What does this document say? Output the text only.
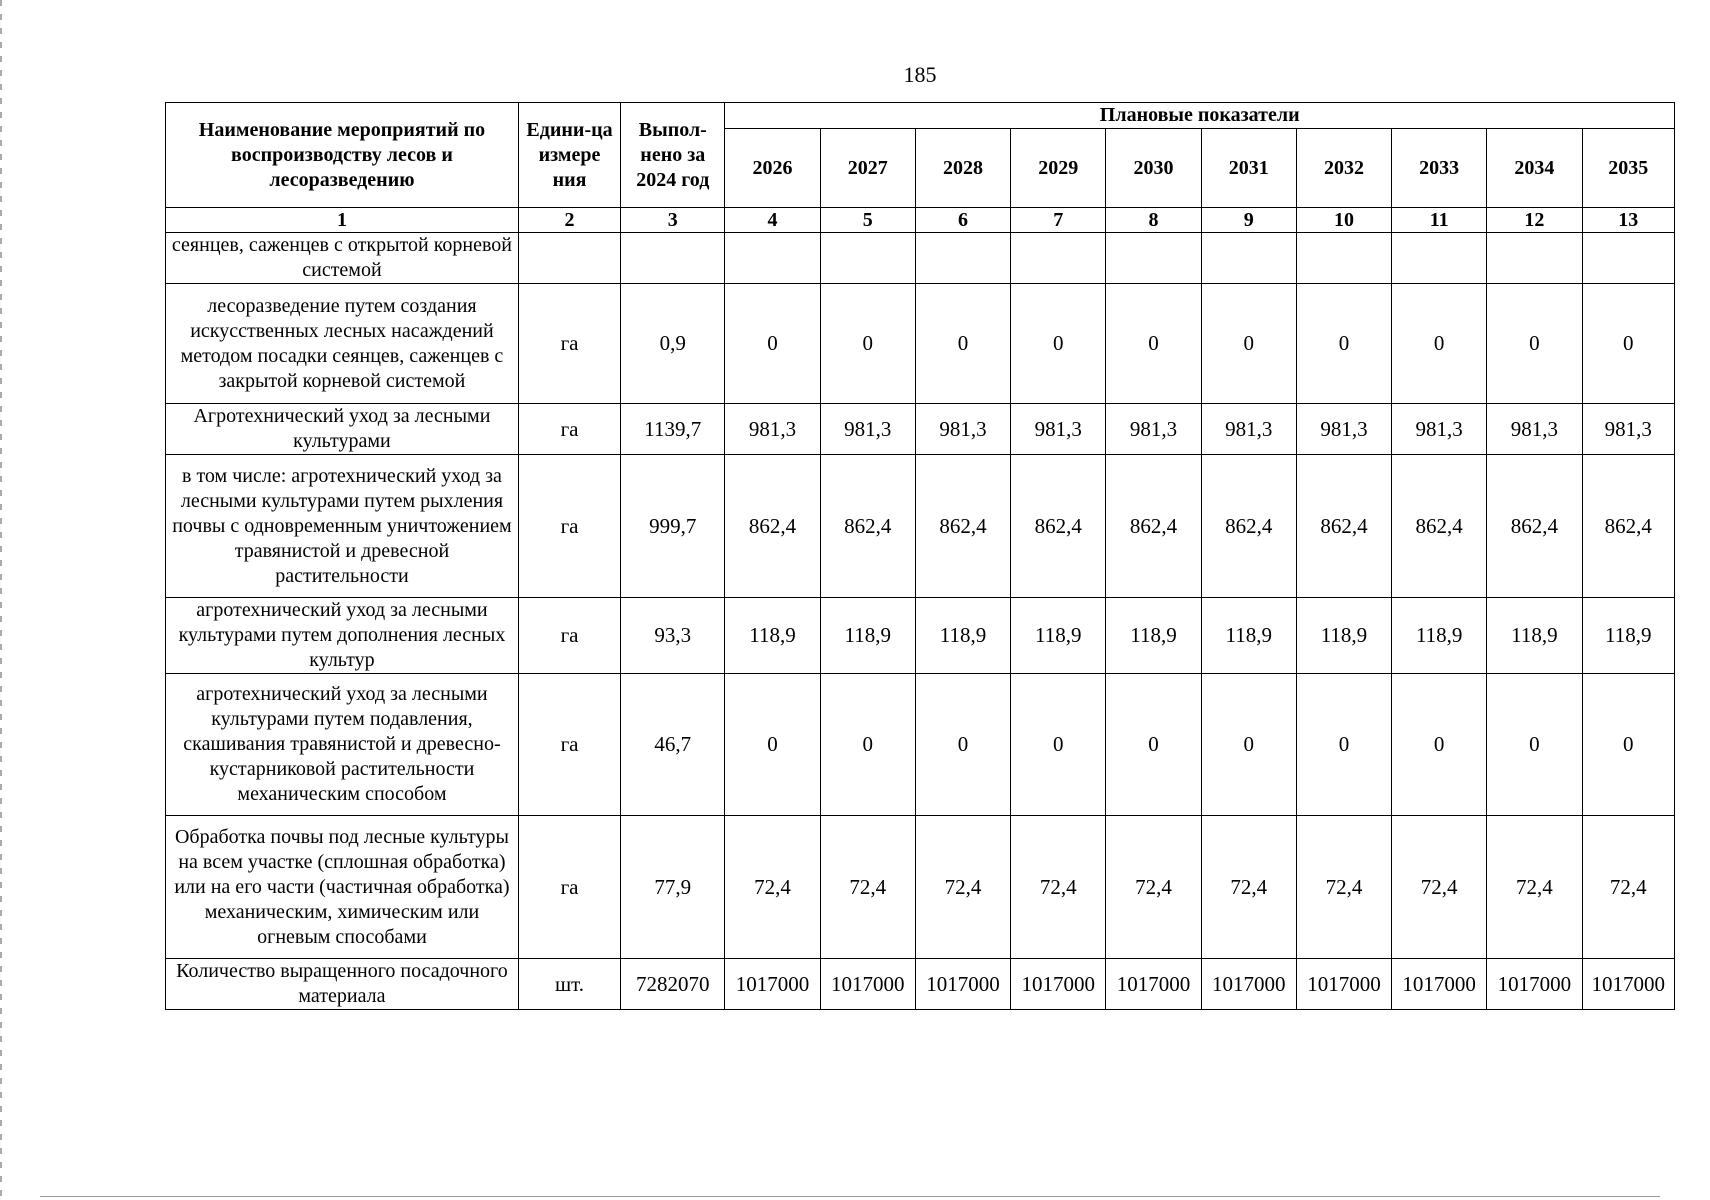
185
Наименование мероприятий по воспроизводству лесов и лесоразведению	Едини-ца измере ния	Выпол-нено за 2024 год	Плановые показатели									
			2026	2027	2028	2029	2030	2031	2032	2033	2034	2035
1	2	3	4	5	6	7	8	9	10	11	12	13
сеянцев, саженцев с открытой корневой системой												
лесоразведение путем создания искусственных лесных насаждений методом посадки сеянцев, саженцев с закрытой корневой системой	га	0,9	0	0	0	0	0	0	0	0	0	0
Агротехнический уход за лесными культурами	га	1139,7	981,3	981,3	981,3	981,3	981,3	981,3	981,3	981,3	981,3	981,3
в том числе: агротехнический уход за лесными культурами путем рыхления почвы с одновременным уничтожением травянистой и древесной растительности	га	999,7	862,4	862,4	862,4	862,4	862,4	862,4	862,4	862,4	862,4	862,4
агротехнический уход за лесными культурами путем дополнения лесных культур	га	93,3	118,9	118,9	118,9	118,9	118,9	118,9	118,9	118,9	118,9	118,9
агротехнический уход за лесными культурами путем подавления, скашивания травянистой и древесно-кустарниковой растительности механическим способом	га	46,7	0	0	0	0	0	0	0	0	0	0
Обработка почвы под лесные культуры на всем участке (сплошная обработка) или на его части (частичная обработка) механическим, химическим или огневым способами	га	77,9	72,4	72,4	72,4	72,4	72,4	72,4	72,4	72,4	72,4	72,4
Количество выращенного посадочного материала	шт.	7282070	1017000	1017000	1017000	1017000	1017000	1017000	1017000	1017000	1017000	1017000
